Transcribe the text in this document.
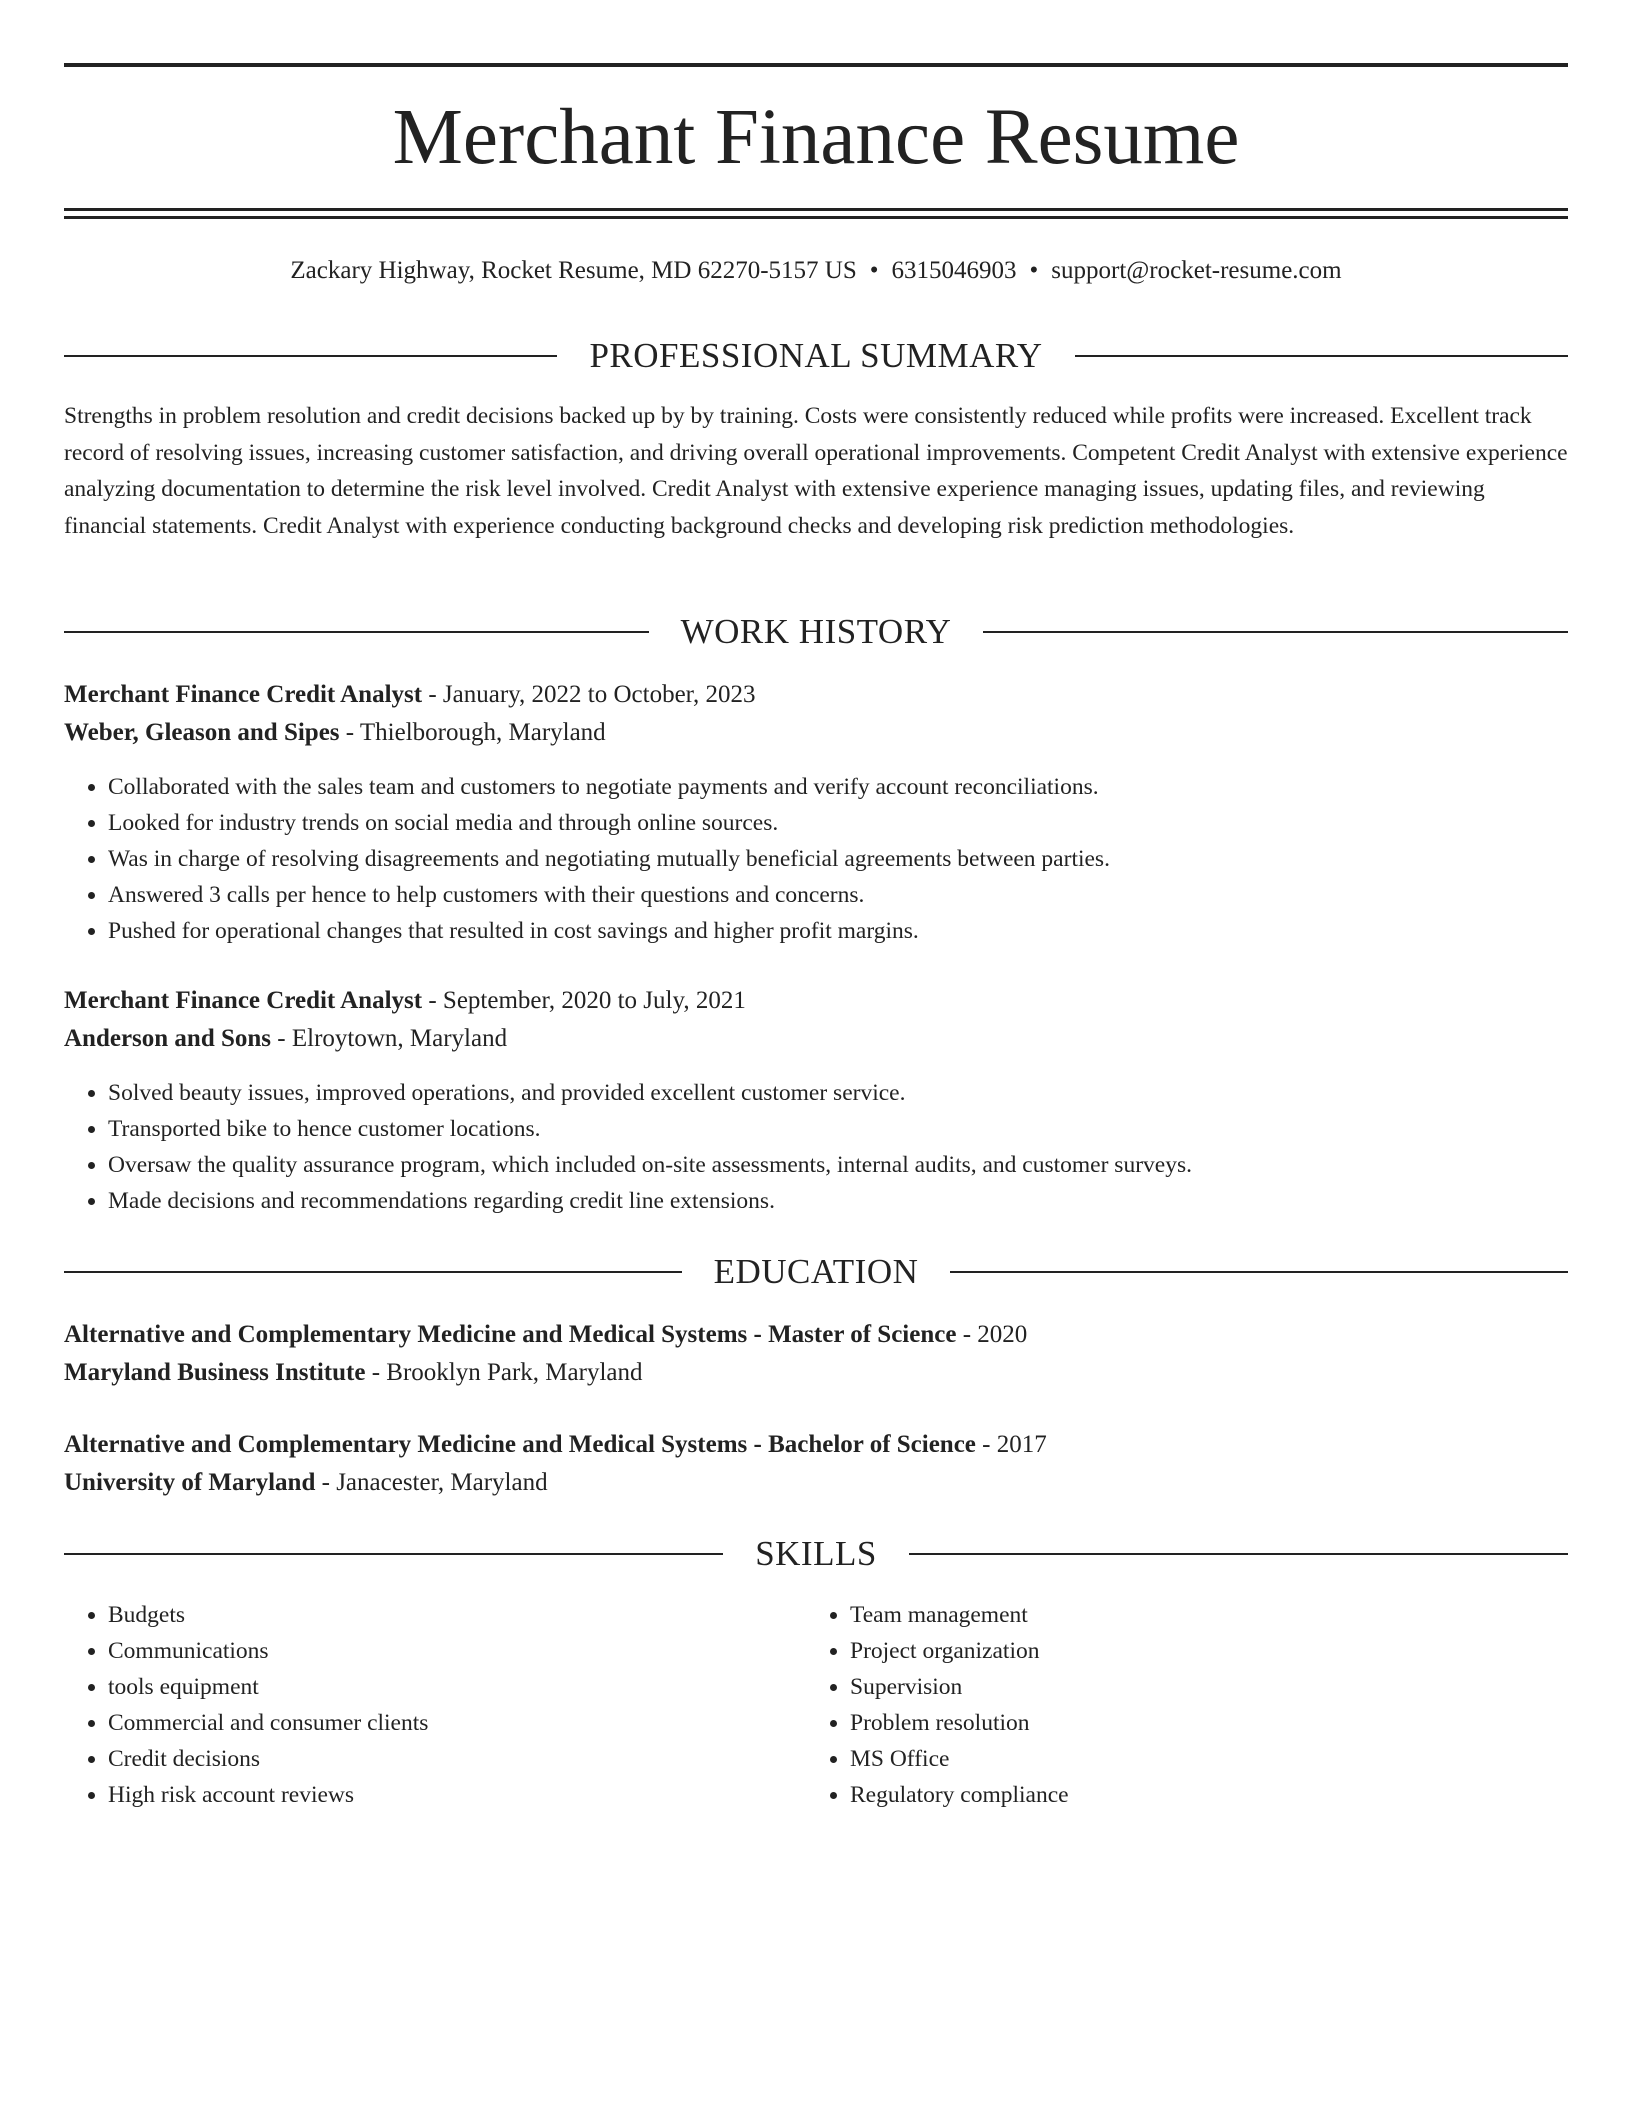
Merchant Finance Resume
Zackary Highway, Rocket Resume, MD 62270-5157 US • 6315046903 • support@rocket-resume.com
PROFESSIONAL SUMMARY

Strengths in problem resolution and credit decisions backed up by by training. Costs were consistently reduced while profits were increased. Excellent track record of resolving issues, increasing customer satisfaction, and driving overall operational improvements. Competent Credit Analyst with extensive experience analyzing documentation to determine the risk level involved. Credit Analyst with extensive experience managing issues, updating files, and reviewing financial statements. Credit Analyst with experience conducting background checks and developing risk prediction methodologies.

WORK HISTORY
Merchant Finance Credit Analyst - January, 2022 to October, 2023
Weber, Gleason and Sipes - Thielborough, Maryland
• Collaborated with the sales team and customers to negotiate payments and verify account reconciliations.
• Looked for industry trends on social media and through online sources.
• Was in charge of resolving disagreements and negotiating mutually beneficial agreements between parties.
• Answered 3 calls per hence to help customers with their questions and concerns.
• Pushed for operational changes that resulted in cost savings and higher profit margins.
Merchant Finance Credit Analyst - September, 2020 to July, 2021
Anderson and Sons - Elroytown, Maryland
• Solved beauty issues, improved operations, and provided excellent customer service.
• Transported bike to hence customer locations.
• Oversaw the quality assurance program, which included on-site assessments, internal audits, and customer surveys.
• Made decisions and recommendations regarding credit line extensions.
EDUCATION
Alternative and Complementary Medicine and Medical Systems - Master of Science - 2020
Maryland Business Institute - Brooklyn Park, Maryland
Alternative and Complementary Medicine and Medical Systems - Bachelor of Science - 2017
University of Maryland - Janacester, Maryland
SKILLS
• Budgets
• Communications
• tools equipment
• Commercial and consumer clients
• Credit decisions
• High risk account reviews
• Team management
• Project organization
• Supervision
• Problem resolution
• MS Office
• Regulatory compliance
